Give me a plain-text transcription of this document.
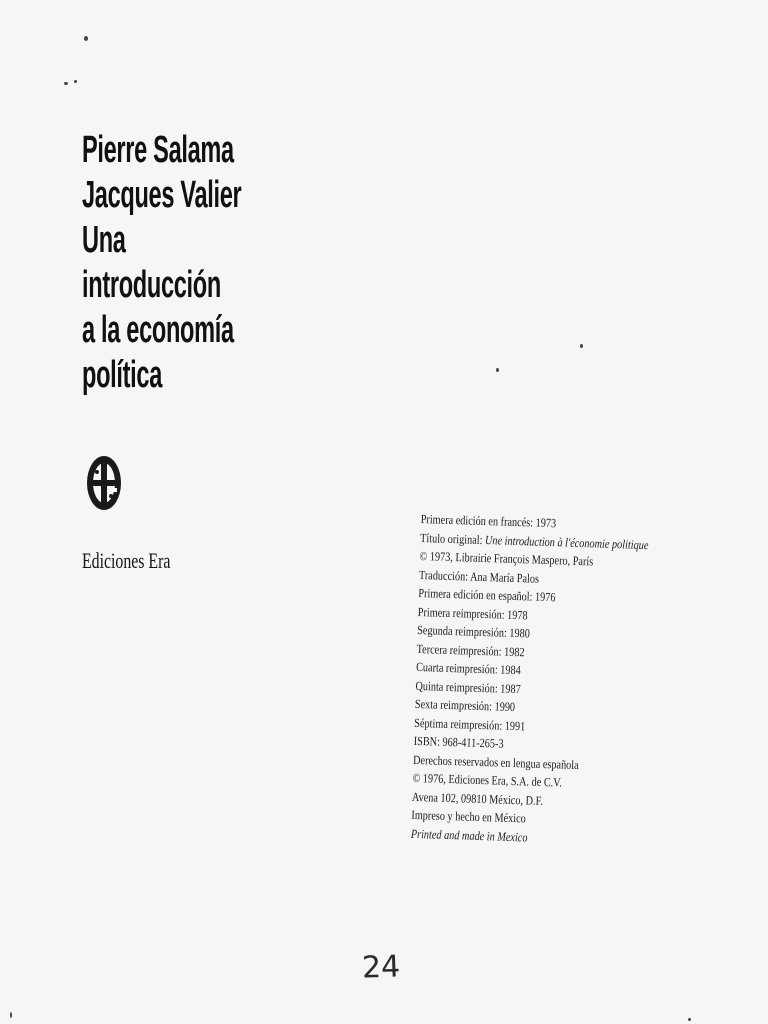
Pierre Salama
Jacques Valier
Una
introducción
a la economía
política
Ediciones Era
Primera edición en francés: 1973
Título original: Une introduction à l'économie politique
© 1973, Librairie François Maspero, París
Traducción: Ana María Palos
Primera edición en español: 1976
Primera reimpresión: 1978
Segunda reimpresión: 1980
Tercera reimpresión: 1982
Cuarta reimpresión: 1984
Quinta reimpresión: 1987
Sexta reimpresión: 1990
Séptima reimpresión: 1991
ISBN: 968-411-265-3
Derechos reservados en lengua española
© 1976, Ediciones Era, S.A. de C.V.
Avena 102, 09810 México, D.F.
Impreso y hecho en México
Printed and made in Mexico
24
